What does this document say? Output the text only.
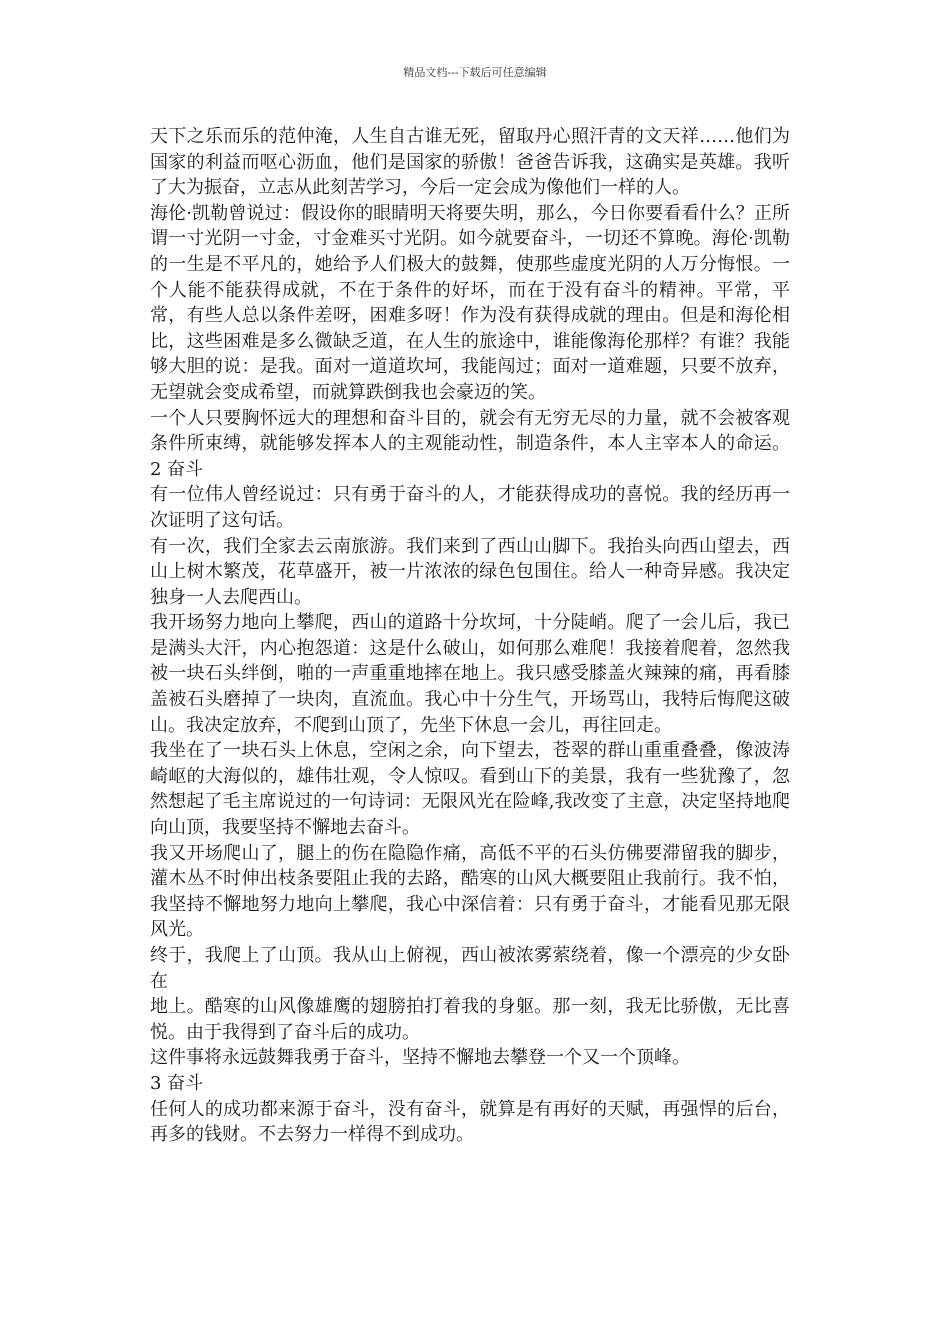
精品文档---下载后可任意编辑

天下之乐而乐的范仲淹，人生自古谁无死，留取丹心照汗青的文天祥……他们为国家的利益而呕心沥血，他们是国家的骄傲！爸爸告诉我，这确实是英雄。我听了大为振奋，立志从此刻苦学习，今后一定会成为像他们一样的人。

海伦·凯勒曾说过：假设你的眼睛明天将要失明，那么，今日你要看看什么？正所谓一寸光阴一寸金，寸金难买寸光阴。如今就要奋斗，一切还不算晚。海伦·凯勒的一生是不平凡的，她给予人们极大的鼓舞，使那些虚度光阴的人万分悔恨。一个人能不能获得成就，不在于条件的好坏，而在于没有奋斗的精神。平常，平常，有些人总以条件差呀，困难多呀！作为没有获得成就的理由。但是和海伦相比，这些困难是多么微缺乏道，在人生的旅途中，谁能像海伦那样？有谁？我能够大胆的说：是我。面对一道道坎坷，我能闯过；面对一道难题，只要不放弃，无望就会变成希望，而就算跌倒我也会豪迈的笑。

一个人只要胸怀远大的理想和奋斗目的，就会有无穷无尽的力量，就不会被客观条件所束缚，就能够发挥本人的主观能动性，制造条件，本人主宰本人的命运。2 奋斗

有一位伟人曾经说过：只有勇于奋斗的人，才能获得成功的喜悦。我的经历再一次证明了这句话。

有一次，我们全家去云南旅游。我们来到了西山山脚下。我抬头向西山望去，西山上树木繁茂，花草盛开，被一片浓浓的绿色包围住。给人一种奇异感。我决定独身一人去爬西山。

我开场努力地向上攀爬，西山的道路十分坎坷，十分陡峭。爬了一会儿后，我已是满头大汗，内心抱怨道：这是什么破山，如何那么难爬！我接着爬着，忽然我被一块石头绊倒，啪的一声重重地摔在地上。我只感受膝盖火辣辣的痛，再看膝盖被石头磨掉了一块肉，直流血。我心中十分生气，开场骂山，我特后悔爬这破山。我决定放弃，不爬到山顶了，先坐下休息一会儿，再往回走。

我坐在了一块石头上休息，空闲之余，向下望去，苍翠的群山重重叠叠，像波涛崎岖的大海似的，雄伟壮观，令人惊叹。看到山下的美景，我有一些犹豫了，忽然想起了毛主席说过的一句诗词：无限风光在险峰,我改变了主意，决定坚持地爬向山顶，我要坚持不懈地去奋斗。

我又开场爬山了，腿上的伤在隐隐作痛，高低不平的石头仿佛要滞留我的脚步，灌木丛不时伸出枝条要阻止我的去路，酷寒的山风大概要阻止我前行。我不怕，我坚持不懈地努力地向上攀爬，我心中深信着：只有勇于奋斗，才能看见那无限风光。

终于，我爬上了山顶。我从山上俯视，西山被浓雾萦绕着，像一个漂亮的少女卧在

地上。酷寒的山风像雄鹰的翅膀拍打着我的身躯。那一刻，我无比骄傲，无比喜悦。由于我得到了奋斗后的成功。

这件事将永远鼓舞我勇于奋斗，坚持不懈地去攀登一个又一个顶峰。

3 奋斗

任何人的成功都来源于奋斗，没有奋斗，就算是有再好的天赋，再强悍的后台，再多的钱财。不去努力一样得不到成功。
